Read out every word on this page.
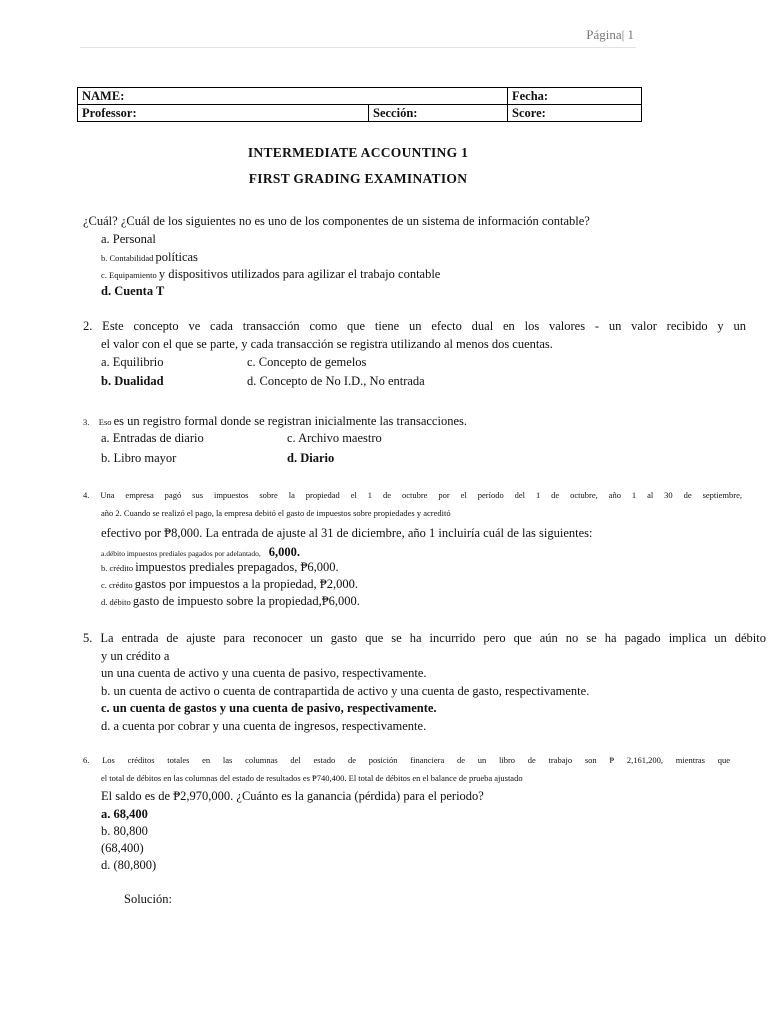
Página| 1
NAME:		Fecha:
Professor:	Sección:	Score:
INTERMEDIATE ACCOUNTING 1
FIRST GRADING EXAMINATION
¿Cuál? ¿Cuál de los siguientes no es uno de los componentes de un sistema de información contable?
a. Personal
b. Contabilidad políticas
c. Equipamiento y dispositivos utilizados para agilizar el trabajo contable
d. Cuenta T
2. Este concepto ve cada transacción como que tiene un efecto dual en los valores - un valor recibido y un
el valor con el que se parte, y cada transacción se registra utilizando al menos dos cuentas.
a. Equilibrio	c. Concepto de gemelos
b. Dualidad	d. Concepto de No I.D., No entrada
3. Eso es un registro formal donde se registran inicialmente las transacciones.
a. Entradas de diario	c. Archivo maestro
b. Libro mayor	d. Diario
4. Una empresa pagó sus impuestos sobre la propiedad el 1 de octubre por el período del 1 de octubre, año 1 al 30 de septiembre,
año 2. Cuando se realizó el pago, la empresa debitó el gasto de impuestos sobre propiedades y acreditó
efectivo por ₱8,000. La entrada de ajuste al 31 de diciembre, año 1 incluiría cuál de las siguientes:
a.débito impuestos prediales pagados por adelantado, 6,000.
b. crédito impuestos prediales prepagados, ₱6,000.
c. crédito gastos por impuestos a la propiedad, ₱2,000.
d. débito gasto de impuesto sobre la propiedad,₱6,000.
5. La entrada de ajuste para reconocer un gasto que se ha incurrido pero que aún no se ha pagado implica un débito
y un crédito a
un una cuenta de activo y una cuenta de pasivo, respectivamente.
b. un cuenta de activo o cuenta de contrapartida de activo y una cuenta de gasto, respectivamente.
c. un cuenta de gastos y una cuenta de pasivo, respectivamente.
d. a cuenta por cobrar y una cuenta de ingresos, respectivamente.
6. Los créditos totales en las columnas del estado de posición financiera de un libro de trabajo son ₱ 2,161,200, mientras que
el total de débitos en las columnas del estado de resultados es ₱740,400. El total de débitos en el balance de prueba ajustado
El saldo es de ₱2,970,000. ¿Cuánto es la ganancia (pérdida) para el periodo?
a. 68,400
b. 80,800
(68,400)
d. (80,800)
Solución:
